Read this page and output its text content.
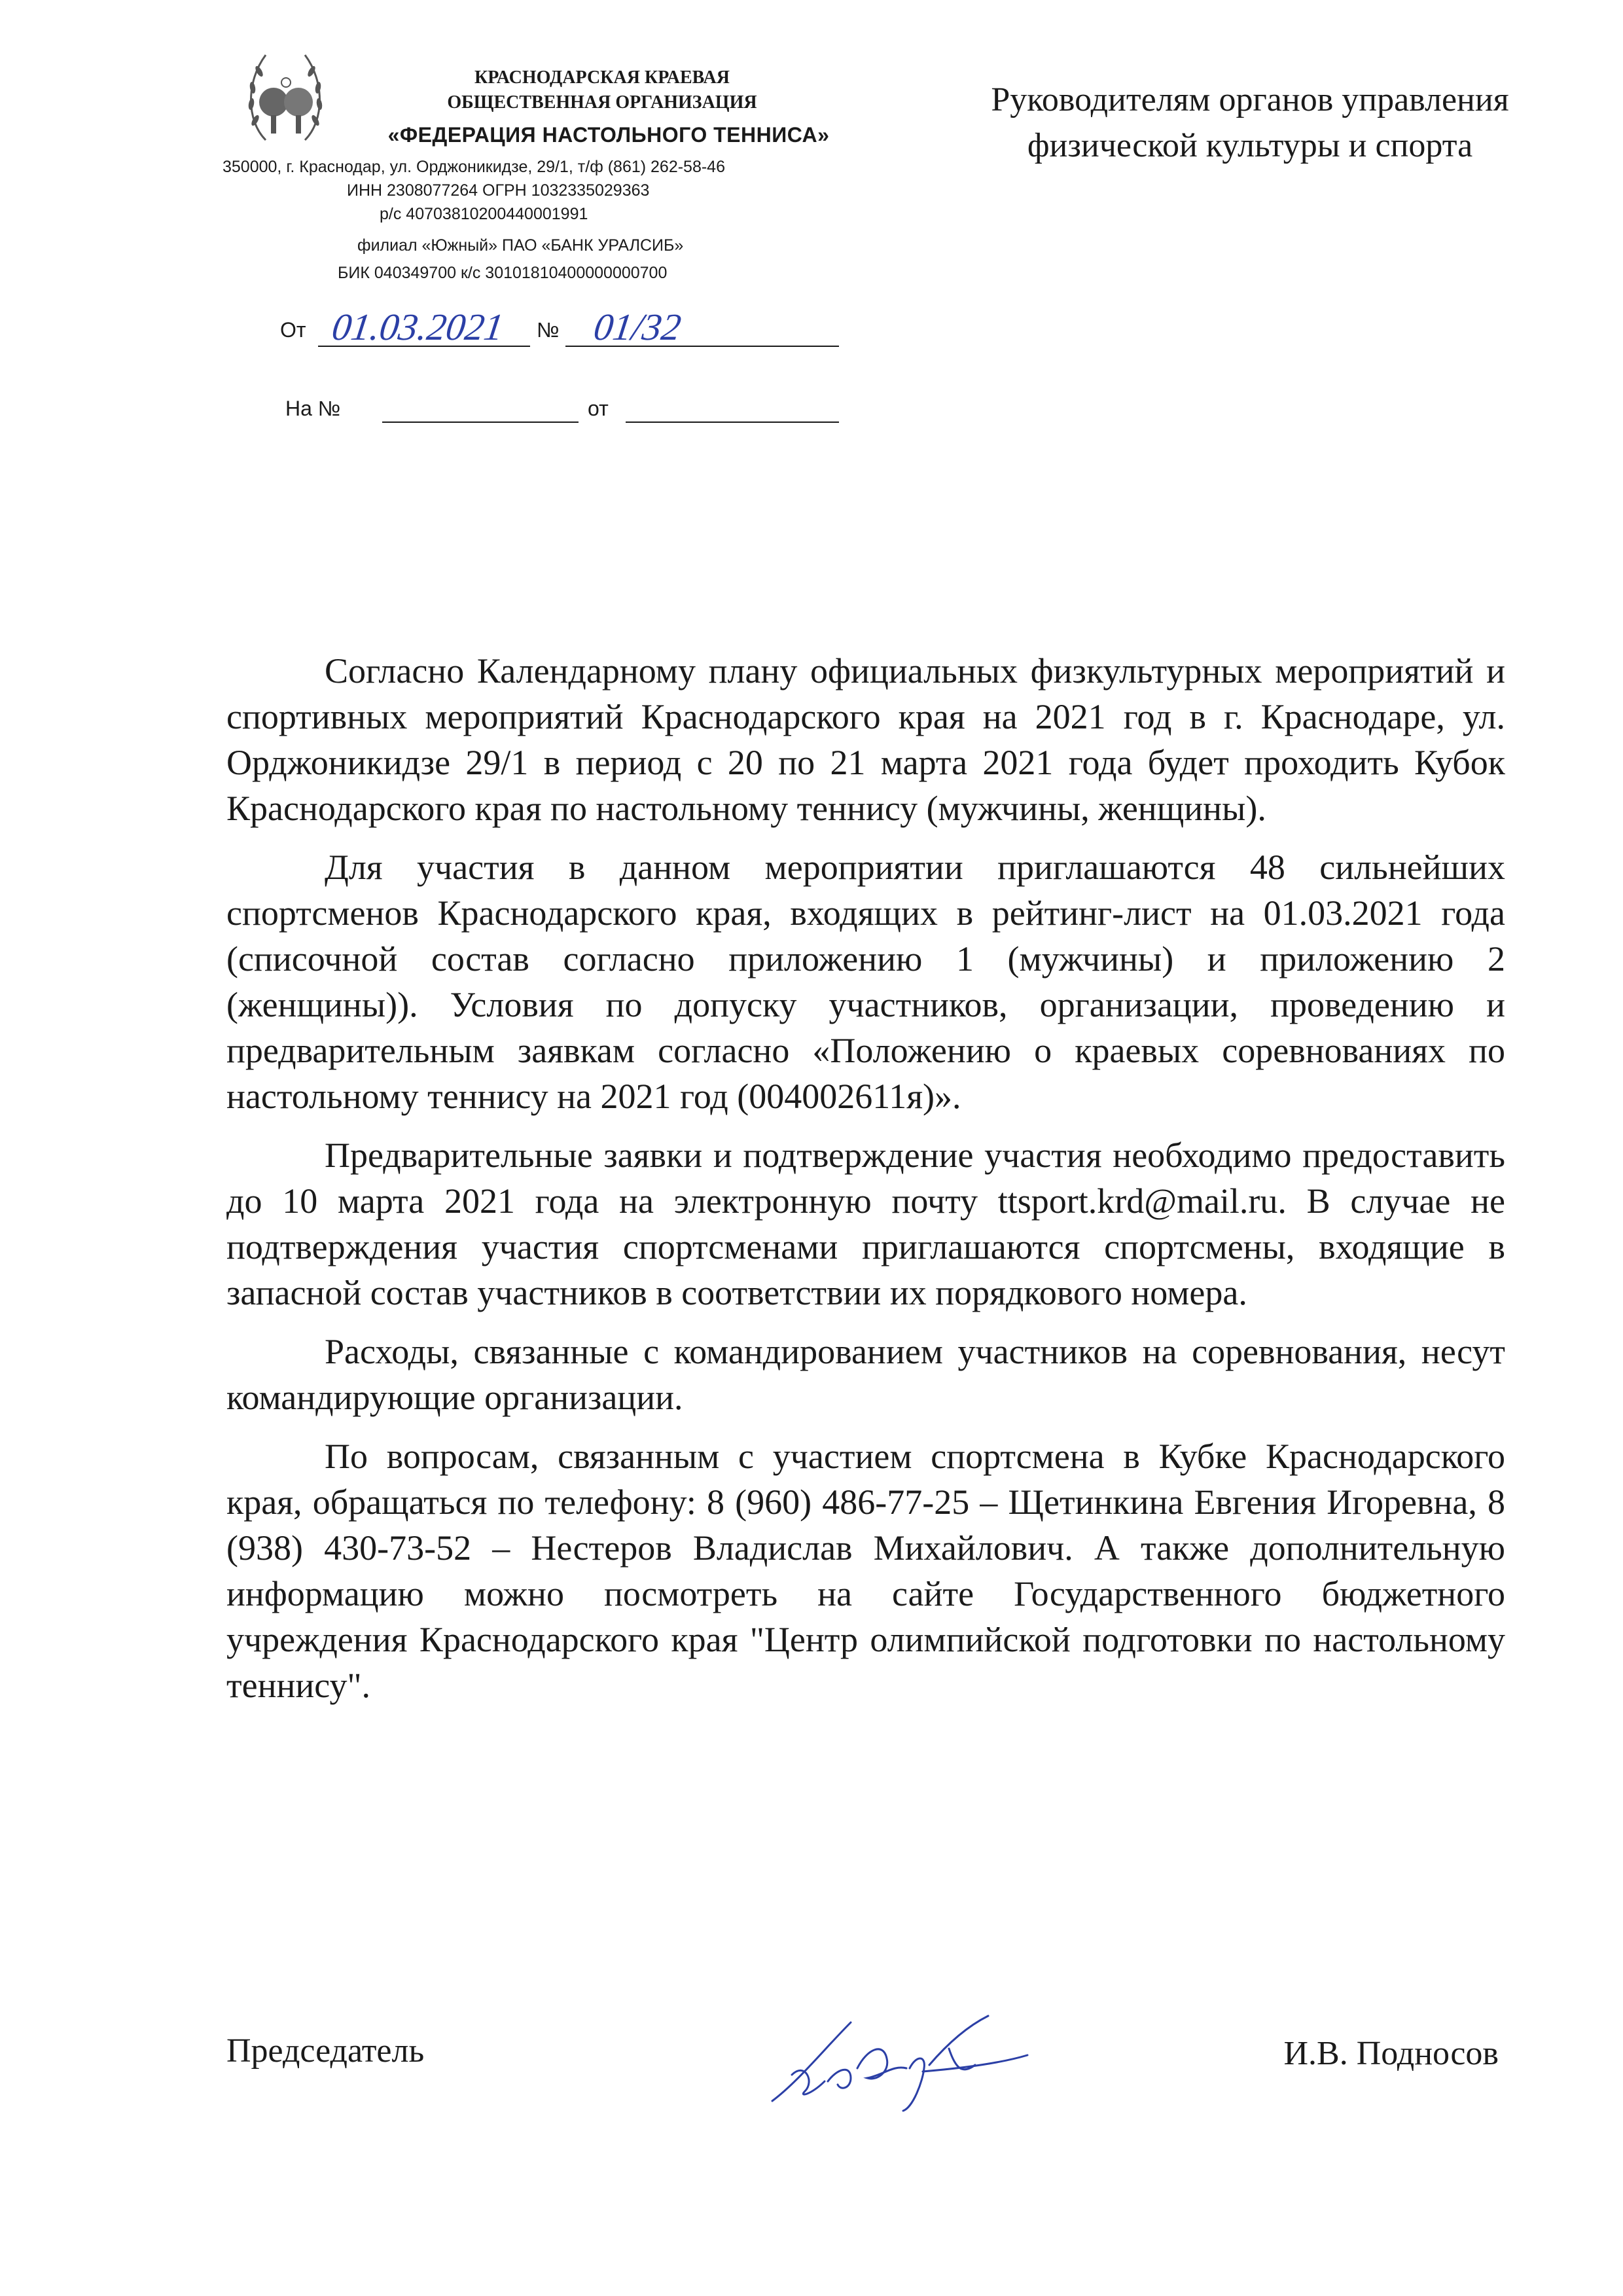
КРАСНОДАРСКАЯ КРАЕВАЯ
ОБЩЕСТВЕННАЯ ОРГАНИЗАЦИЯ
«ФЕДЕРАЦИЯ НАСТОЛЬНОГО ТЕННИСА»
350000, г. Краснодар, ул. Орджоникидзе, 29/1, т/ф (861) 262-58-46
ИНН 2308077264 ОГРН 1032335029363
р/с 40703810200440001991
филиал «Южный» ПАО «БАНК УРАЛСИБ»
БИК 040349700 к/с 30101810400000000700
Руководителям органов управления
физической культуры и спорта
От 01.03.2021 № 01/32
На №	от

Согласно Календарному плану официальных физкультурных мероприятий и спортивных мероприятий Краснодарского края на 2021 год в г. Краснодаре, ул. Орджоникидзе 29/1 в период с 20 по 21 марта 2021 года будет проходить Кубок Краснодарского края по настольному теннису (мужчины, женщины).

Для участия в данном мероприятии приглашаются 48 сильнейших спортсменов Краснодарского края, входящих в рейтинг-лист на 01.03.2021 года (списочной состав согласно приложению 1 (мужчины) и приложению 2 (женщины)). Условия по допуску участников, организации, проведению и предварительным заявкам согласно «Положению о краевых соревнованиях по настольному теннису на 2021 год (004002611я)».

Предварительные заявки и подтверждение участия необходимо предоставить до 10 марта 2021 года на электронную почту ttsport.krd@mail.ru. В случае не подтверждения участия спортсменами приглашаются спортсмены, входящие в запасной состав участников в соответствии их порядкового номера.

Расходы, связанные с командированием участников на соревнования, несут командирующие организации.

По вопросам, связанным с участием спортсмена в Кубке Краснодарского края, обращаться по телефону: 8 (960) 486-77-25 – Щетинкина Евгения Игоревна, 8 (938) 430-73-52 – Нестеров Владислав Михайлович. А также дополнительную информацию можно посмотреть на сайте Государственного бюджетного учреждения Краснодарского края "Центр олимпийской подготовки по настольному теннису".

Председатель	И.В. Подносов
